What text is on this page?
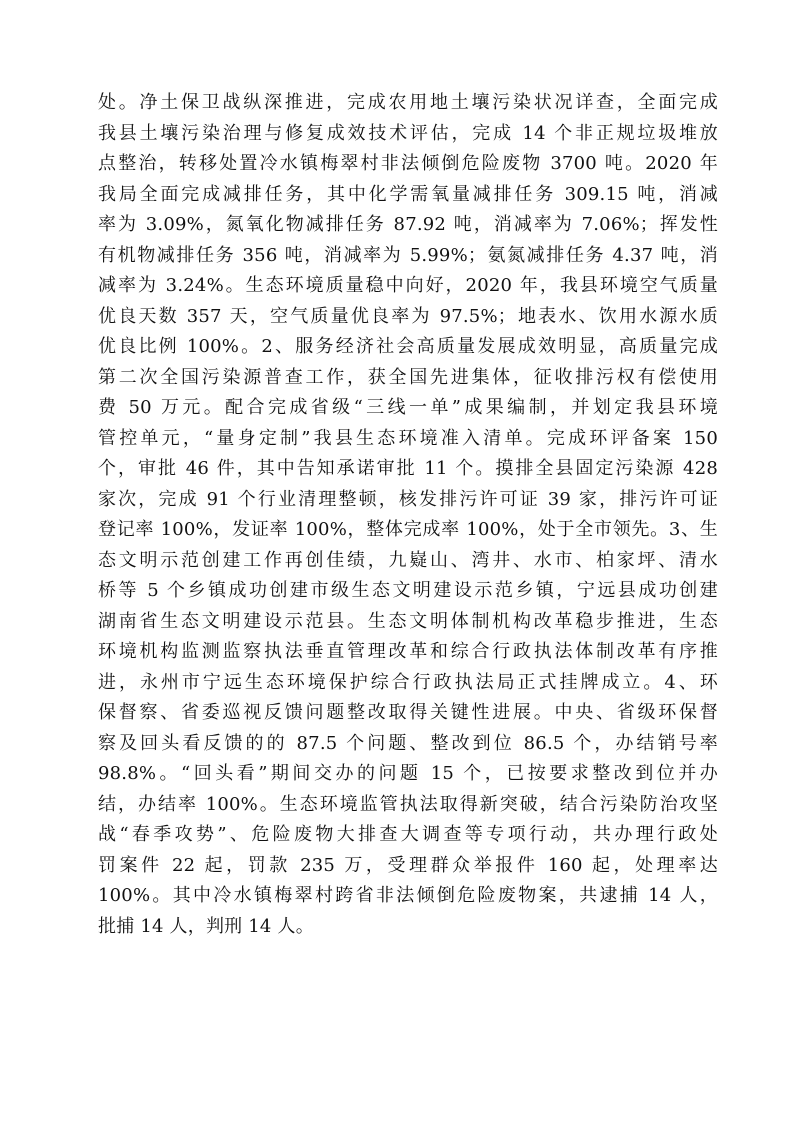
处。净土保卫战纵深推进，完成农用地土壤污染状况详查，全面完成
我县土壤污染治理与修复成效技术评估，完成 14 个非正规垃圾堆放
点整治，转移处置冷水镇梅翠村非法倾倒危险废物 3700 吨。2020 年
我局全面完成减排任务，其中化学需氧量减排任务 309.15 吨，消减
率为 3.09%，氮氧化物减排任务 87.92 吨，消减率为 7.06%；挥发性
有机物减排任务 356 吨，消减率为 5.99%；氨氮减排任务 4.37 吨，消
减率为 3.24%。生态环境质量稳中向好，2020 年，我县环境空气质量
优良天数 357 天，空气质量优良率为 97.5%；地表水、饮用水源水质
优良比例 100%。2、服务经济社会高质量发展成效明显，高质量完成
第二次全国污染源普查工作，获全国先进集体，征收排污权有偿使用
费 50 万元。配合完成省级“三线一单”成果编制，并划定我县环境
管控单元，“量身定制”我县生态环境准入清单。完成环评备案 150
个，审批 46 件，其中告知承诺审批 11 个。摸排全县固定污染源 428
家次，完成 91 个行业清理整顿，核发排污许可证 39 家，排污许可证
登记率 100%，发证率 100%，整体完成率 100%，处于全市领先。3、生
态文明示范创建工作再创佳绩，九嶷山、湾井、水市、柏家坪、清水
桥等 5 个乡镇成功创建市级生态文明建设示范乡镇，宁远县成功创建
湖南省生态文明建设示范县。生态文明体制机构改革稳步推进，生态
环境机构监测监察执法垂直管理改革和综合行政执法体制改革有序推
进，永州市宁远生态环境保护综合行政执法局正式挂牌成立。4、环
保督察、省委巡视反馈问题整改取得关键性进展。中央、省级环保督
察及回头看反馈的的 87.5 个问题、整改到位 86.5 个，办结销号率
98.8%。“回头看”期间交办的问题 15 个，已按要求整改到位并办
结，办结率 100%。生态环境监管执法取得新突破，结合污染防治攻坚
战“春季攻势”、危险废物大排查大调查等专项行动，共办理行政处
罚案件 22 起，罚款 235 万，受理群众举报件 160 起，处理率达
100%。其中冷水镇梅翠村跨省非法倾倒危险废物案，共逮捕 14 人，
批捕 14 人，判刑 14 人。
